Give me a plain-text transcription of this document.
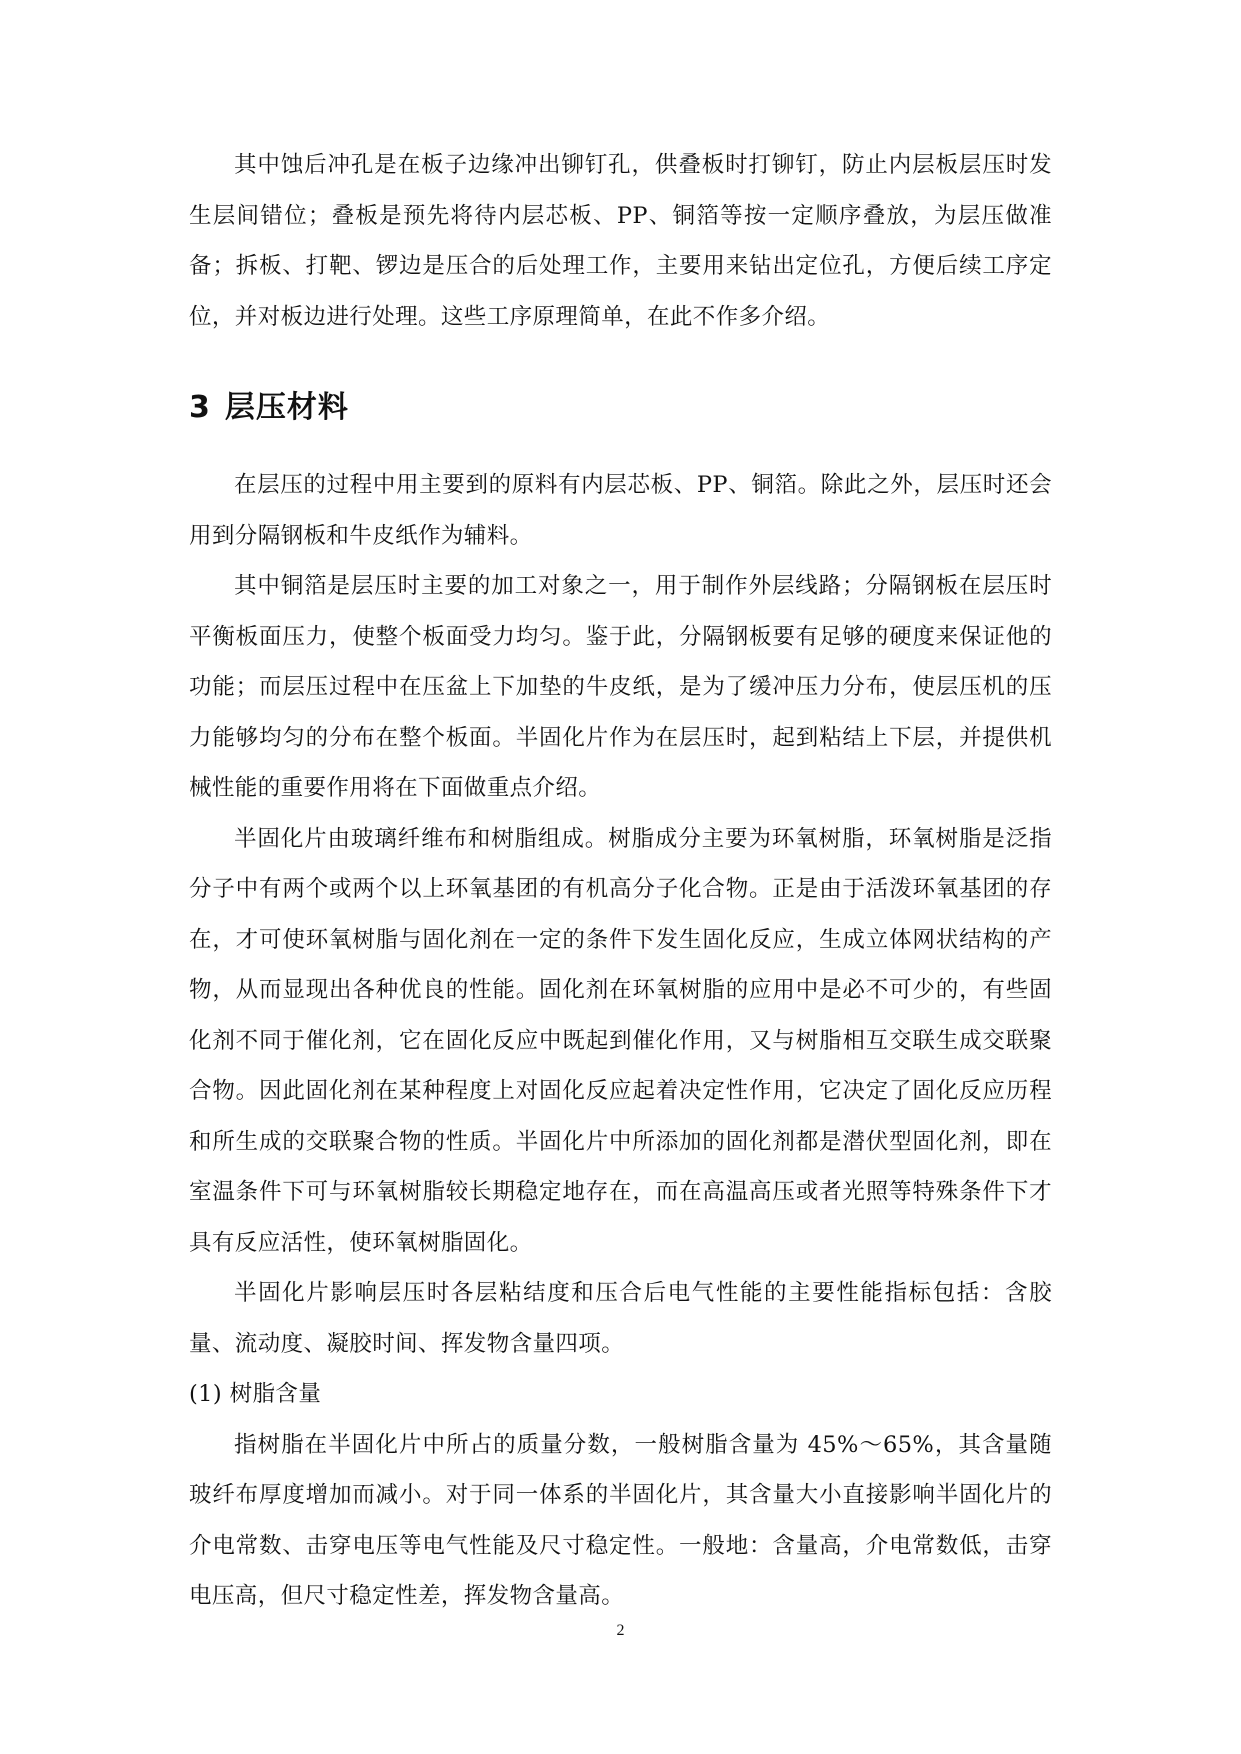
其中蚀后冲孔是在板子边缘冲出铆钉孔，供叠板时打铆钉，防止内层板层压时发生层间错位；叠板是预先将待内层芯板、PP、铜箔等按一定顺序叠放，为层压做准备；拆板、打靶、锣边是压合的后处理工作，主要用来钻出定位孔，方便后续工序定位，并对板边进行处理。这些工序原理简单，在此不作多介绍。

3 层压材料

在层压的过程中用主要到的原料有内层芯板、PP、铜箔。除此之外，层压时还会用到分隔钢板和牛皮纸作为辅料。

其中铜箔是层压时主要的加工对象之一，用于制作外层线路；分隔钢板在层压时平衡板面压力，使整个板面受力均匀。鉴于此，分隔钢板要有足够的硬度来保证他的功能；而层压过程中在压盆上下加垫的牛皮纸，是为了缓冲压力分布，使层压机的压力能够均匀的分布在整个板面。半固化片作为在层压时，起到粘结上下层，并提供机械性能的重要作用将在下面做重点介绍。

半固化片由玻璃纤维布和树脂组成。树脂成分主要为环氧树脂，环氧树脂是泛指分子中有两个或两个以上环氧基团的有机高分子化合物。正是由于活泼环氧基团的存在，才可使环氧树脂与固化剂在一定的条件下发生固化反应，生成立体网状结构的产物，从而显现出各种优良的性能。固化剂在环氧树脂的应用中是必不可少的，有些固化剂不同于催化剂，它在固化反应中既起到催化作用，又与树脂相互交联生成交联聚合物。因此固化剂在某种程度上对固化反应起着决定性作用，它决定了固化反应历程和所生成的交联聚合物的性质。半固化片中所添加的固化剂都是潜伏型固化剂，即在室温条件下可与环氧树脂较长期稳定地存在，而在高温高压或者光照等特殊条件下才具有反应活性，使环氧树脂固化。

半固化片影响层压时各层粘结度和压合后电气性能的主要性能指标包括：含胶量、流动度、凝胶时间、挥发物含量四项。

(1) 树脂含量

指树脂在半固化片中所占的质量分数，一般树脂含量为 45%～65%，其含量随玻纤布厚度增加而减小。对于同一体系的半固化片，其含量大小直接影响半固化片的介电常数、击穿电压等电气性能及尺寸稳定性。一般地：含量高，介电常数低，击穿电压高，但尺寸稳定性差，挥发物含量高。

2
